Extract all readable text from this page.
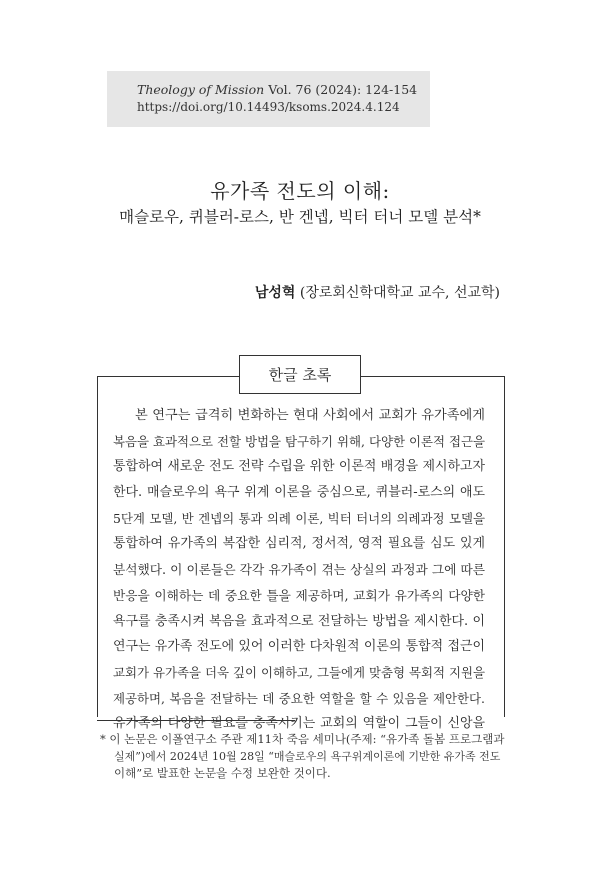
Theology of Mission Vol. 76 (2024): 124-154
https://doi.org/10.14493/ksoms.2024.4.124
유가족 전도의 이해:
매슬로우, 퀴블러-로스, 반 겐넵, 빅터 터너 모델 분석*
남성혁 (장로회신학대학교 교수, 선교학)
한글 초록
본 연구는 급격히 변화하는 현대 사회에서 교회가 유가족에게
복음을 효과적으로 전할 방법을 탐구하기 위해, 다양한 이론적 접근을
통합하여 새로운 전도 전략 수립을 위한 이론적 배경을 제시하고자
한다. 매슬로우의 욕구 위계 이론을 중심으로, 퀴블러-로스의 애도
5단계 모델, 반 겐넵의 통과 의례 이론, 빅터 터너의 의례과정 모델을
통합하여 유가족의 복잡한 심리적, 정서적, 영적 필요를 심도 있게
분석했다. 이 이론들은 각각 유가족이 겪는 상실의 과정과 그에 따른
반응을 이해하는 데 중요한 틀을 제공하며, 교회가 유가족의 다양한
욕구를 충족시켜 복음을 효과적으로 전달하는 방법을 제시한다. 이
연구는 유가족 전도에 있어 이러한 다차원적 이론의 통합적 접근이
교회가 유가족을 더욱 깊이 이해하고, 그들에게 맞춤형 목회적 지원을
제공하며, 복음을 전달하는 데 중요한 역할을 할 수 있음을 제안한다.
유가족의 다양한 필요를 충족시키는 교회의 역할이 그들이 신앙을
* 이 논문은 이폴연구소 주관 제11차 죽음 세미나(주제: “유가족 돌봄 프로그램과
실제”)에서 2024년 10월 28일 “매슬로우의 욕구위계이론에 기반한 유가족 전도
이해”로 발표한 논문을 수정 보완한 것이다.
